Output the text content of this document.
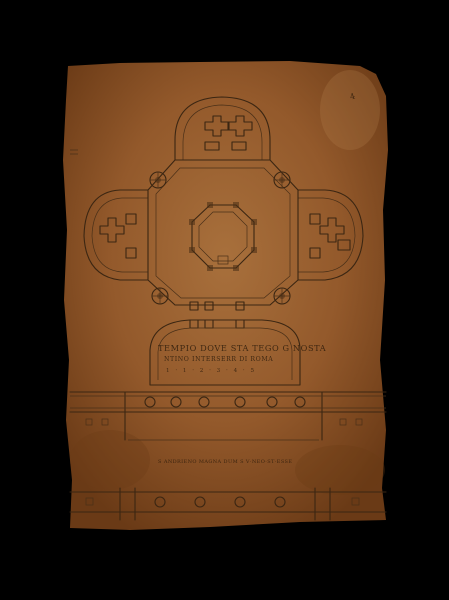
TEMPIO DOVE STA TEGO G NOSTA
NTINO INTERSERR DI ROMA
1 · 1 · 2 · 3 · 4 · 5
S ANDRIENO MAGNA DUM S V·NEO·ST·ESSE
4
